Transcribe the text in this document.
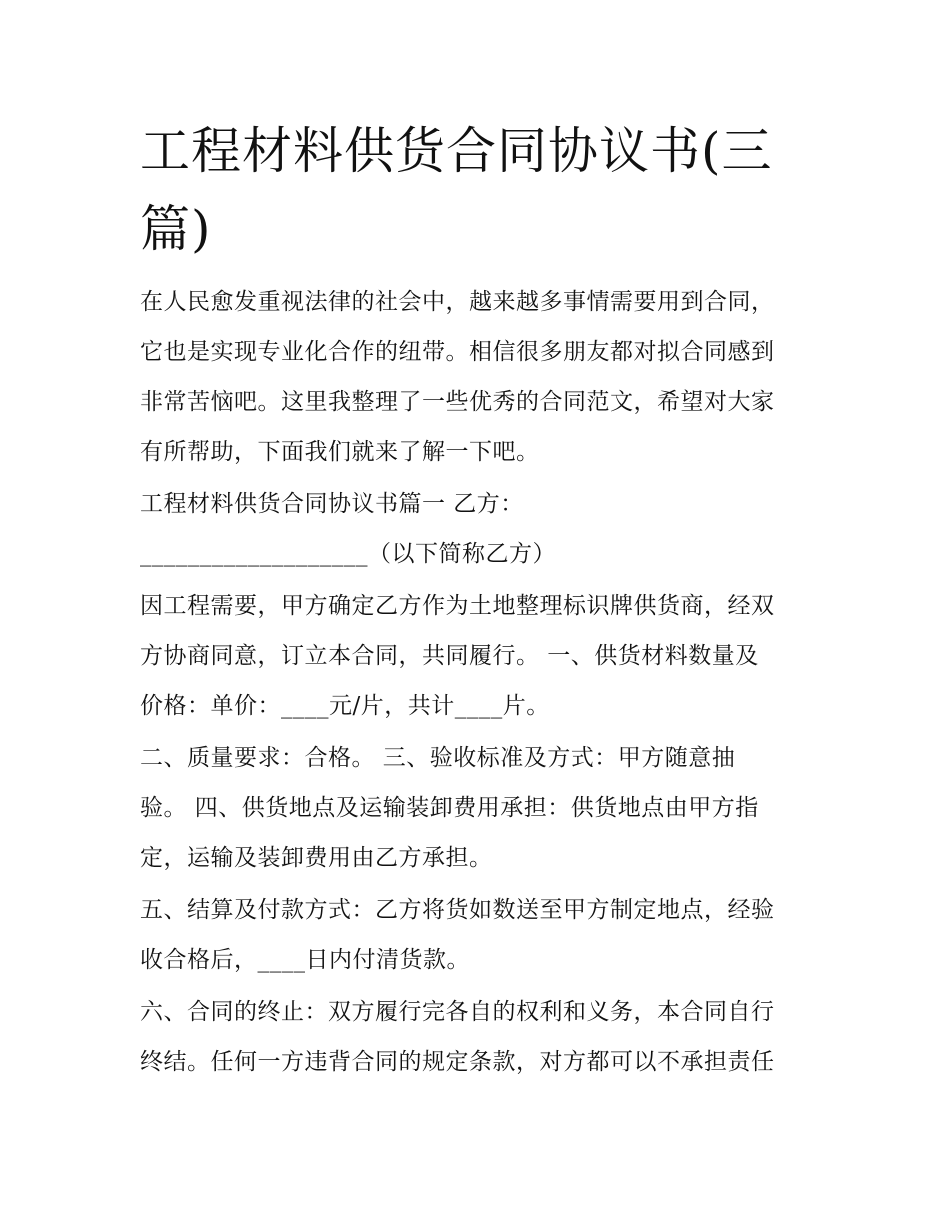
工程材料供货合同协议书(三篇)

在人民愈发重视法律的社会中，越来越多事情需要用到合同，

它也是实现专业化合作的纽带。相信很多朋友都对拟合同感到

非常苦恼吧。这里我整理了一些优秀的合同范文，希望对大家

有所帮助，下面我们就来了解一下吧。

工程材料供货合同协议书篇一 乙方：

___________________（以下简称乙方）

因工程需要，甲方确定乙方作为土地整理标识牌供货商，经双

方协商同意，订立本合同，共同履行。 一、供货材料数量及

价格：单价：____元/片，共计____片。

二、质量要求：合格。 三、验收标准及方式：甲方随意抽

验。 四、供货地点及运输装卸费用承担：供货地点由甲方指

定，运输及装卸费用由乙方承担。

五、结算及付款方式：乙方将货如数送至甲方制定地点，经验

收合格后，____日内付清货款。

六、合同的终止：双方履行完各自的权利和义务，本合同自行

终结。任何一方违背合同的规定条款，对方都可以不承担责任
